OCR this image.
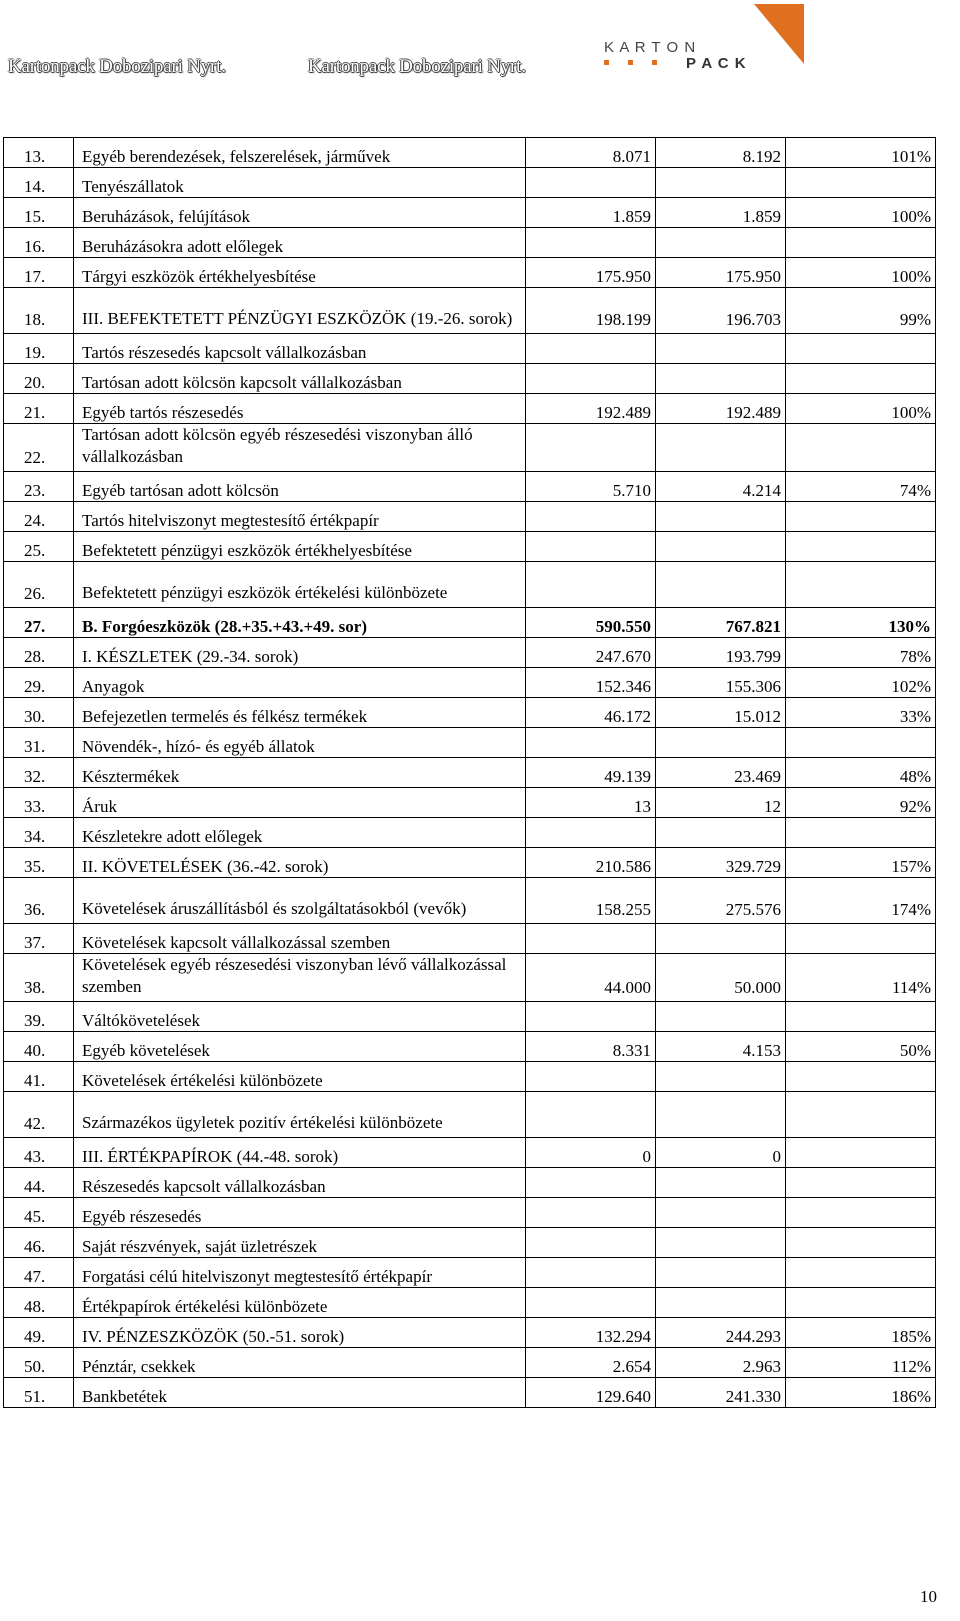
Kartonpack Dobozipari Nyrt.	Kartonpack Dobozipari Nyrt.
K A R T O N
P A C K
13.	Egyéb berendezések, felszerelések, járművek	8.071	8.192	101%
14.	Tenyészállatok			
15.	Beruházások, felújítások	1.859	1.859	100%
16.	Beruházásokra adott előlegek			
17.	Tárgyi eszközök értékhelyesbítése	175.950	175.950	100%
18.	III. BEFEKTETETT PÉNZÜGYI ESZKÖZÖK (19.-26. sorok)	198.199	196.703	99%
19.	Tartós részesedés kapcsolt vállalkozásban			
20.	Tartósan adott kölcsön kapcsolt vállalkozásban			
21.	Egyéb tartós részesedés	192.489	192.489	100%
22.	Tartósan adott kölcsön egyéb részesedési viszonyban álló vállalkozásban			
23.	Egyéb tartósan adott kölcsön	5.710	4.214	74%
24.	Tartós hitelviszonyt megtestesítő értékpapír			
25.	Befektetett pénzügyi eszközök értékhelyesbítése			
26.	Befektetett pénzügyi eszközök értékelési különbözete			
27.	B. Forgóeszközök (28.+35.+43.+49. sor)	590.550	767.821	130%
28.	I. KÉSZLETEK (29.-34. sorok)	247.670	193.799	78%
29.	Anyagok	152.346	155.306	102%
30.	Befejezetlen termelés és félkész termékek	46.172	15.012	33%
31.	Növendék-, hízó- és egyéb állatok			
32.	Késztermékek	49.139	23.469	48%
33.	Áruk	13	12	92%
34.	Készletekre adott előlegek			
35.	II. KÖVETELÉSEK (36.-42. sorok)	210.586	329.729	157%
36.	Követelések áruszállításból és szolgáltatásokból (vevők)	158.255	275.576	174%
37.	Követelések kapcsolt vállalkozással szemben			
38.	Követelések egyéb részesedési viszonyban lévő vállalkozással szemben	44.000	50.000	114%
39.	Váltókövetelések			
40.	Egyéb követelések	8.331	4.153	50%
41.	Követelések értékelési különbözete			
42.	Származékos ügyletek pozitív értékelési különbözete			
43.	III. ÉRTÉKPAPÍROK (44.-48. sorok)	0	0	
44.	Részesedés kapcsolt vállalkozásban			
45.	Egyéb részesedés			
46.	Saját részvények, saját üzletrészek			
47.	Forgatási célú hitelviszonyt megtestesítő értékpapír			
48.	Értékpapírok értékelési különbözete			
49.	IV. PÉNZESZKÖZÖK (50.-51. sorok)	132.294	244.293	185%
50.	Pénztár, csekkek	2.654	2.963	112%
51.	Bankbetétek	129.640	241.330	186%
10
